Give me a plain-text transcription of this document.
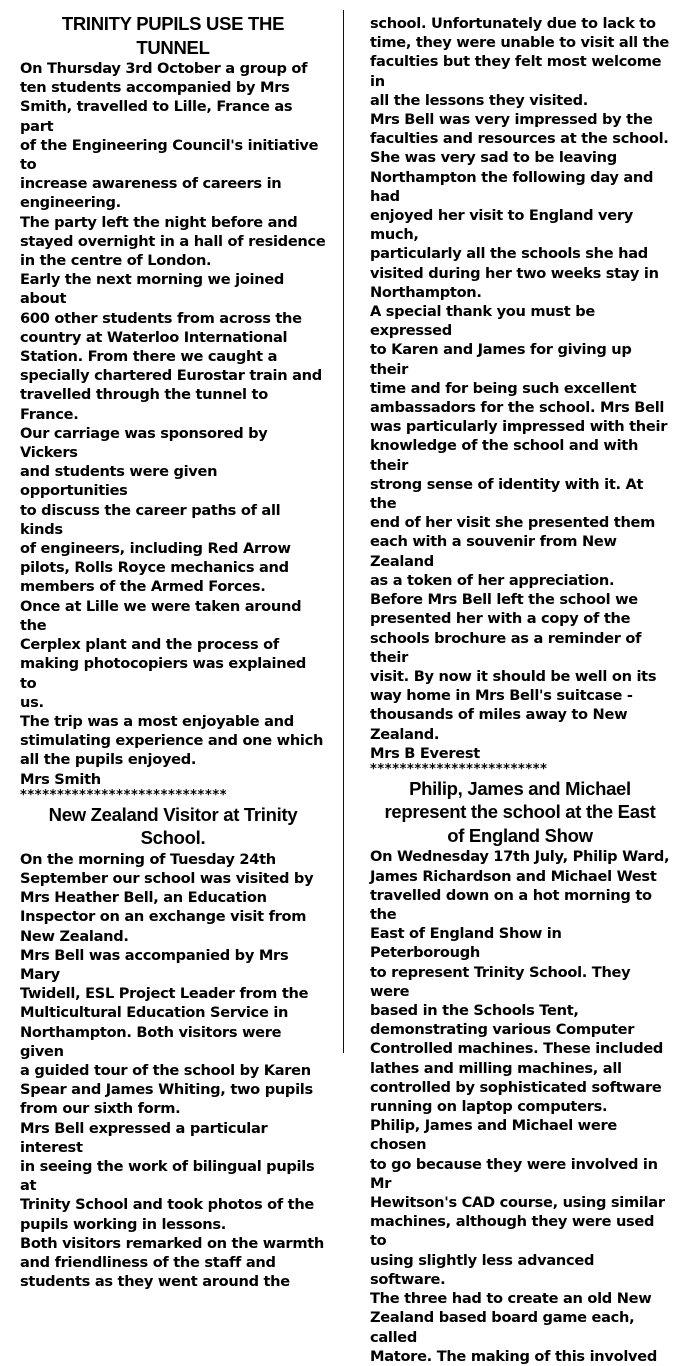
TRINITY PUPILS USE THE
TUNNEL

On Thursday 3rd October a group of
ten students accompanied by Mrs
Smith, travelled to Lille, France as part
of the Engineering Council's initiative to
increase awareness of careers in
engineering.

The party left the night before and
stayed overnight in a hall of residence
in the centre of London.

Early the next morning we joined about
600 other students from across the
country at Waterloo International
Station. From there we caught a
specially chartered Eurostar train and
travelled through the tunnel to France.
Our carriage was sponsored by Vickers
and students were given opportunities
to discuss the career paths of all kinds
of engineers, including Red Arrow
pilots, Rolls Royce mechanics and
members of the Armed Forces.

Once at Lille we were taken around the
Cerplex plant and the process of
making photocopiers was explained to
us.

The trip was a most enjoyable and
stimulating experience and one which
all the pupils enjoyed.

Mrs Smith

****************************

New Zealand Visitor at Trinity
School.

On the morning of Tuesday 24th
September our school was visited by
Mrs Heather Bell, an Education
Inspector on an exchange visit from
New Zealand.

Mrs Bell was accompanied by Mrs Mary
Twidell, ESL Project Leader from the
Multicultural Education Service in
Northampton. Both visitors were given
a guided tour of the school by Karen
Spear and James Whiting, two pupils
from our sixth form.

Mrs Bell expressed a particular interest
in seeing the work of bilingual pupils at
Trinity School and took photos of the
pupils working in lessons.

Both visitors remarked on the warmth
and friendliness of the staff and
students as they went around the

school. Unfortunately due to lack to
time, they were unable to visit all the
faculties but they felt most welcome in
all the lessons they visited.

Mrs Bell was very impressed by the
faculties and resources at the school.
She was very sad to be leaving
Northampton the following day and had
enjoyed her visit to England very much,
particularly all the schools she had
visited during her two weeks stay in
Northampton.

A special thank you must be expressed
to Karen and James for giving up their
time and for being such excellent
ambassadors for the school. Mrs Bell
was particularly impressed with their
knowledge of the school and with their
strong sense of identity with it. At the
end of her visit she presented them
each with a souvenir from New Zealand
as a token of her appreciation.

Before Mrs Bell left the school we
presented her with a copy of the
schools brochure as a reminder of their
visit. By now it should be well on its
way home in Mrs Bell's suitcase -
thousands of miles away to New
Zealand.

Mrs B Everest

************************

Philip, James and Michael
represent the school at the East
of England Show

On Wednesday 17th July, Philip Ward,
James Richardson and Michael West
travelled down on a hot morning to the
East of England Show in Peterborough
to represent Trinity School. They were
based in the Schools Tent,
demonstrating various Computer
Controlled machines. These included
lathes and milling machines, all
controlled by sophisticated software
running on laptop computers.

Philip, James and Michael were chosen
to go because they were involved in Mr
Hewitson's CAD course, using similar
machines, although they were used to
using slightly less advanced software.
The three had to create an old New
Zealand based board game each, called
Matore. The making of this involved
